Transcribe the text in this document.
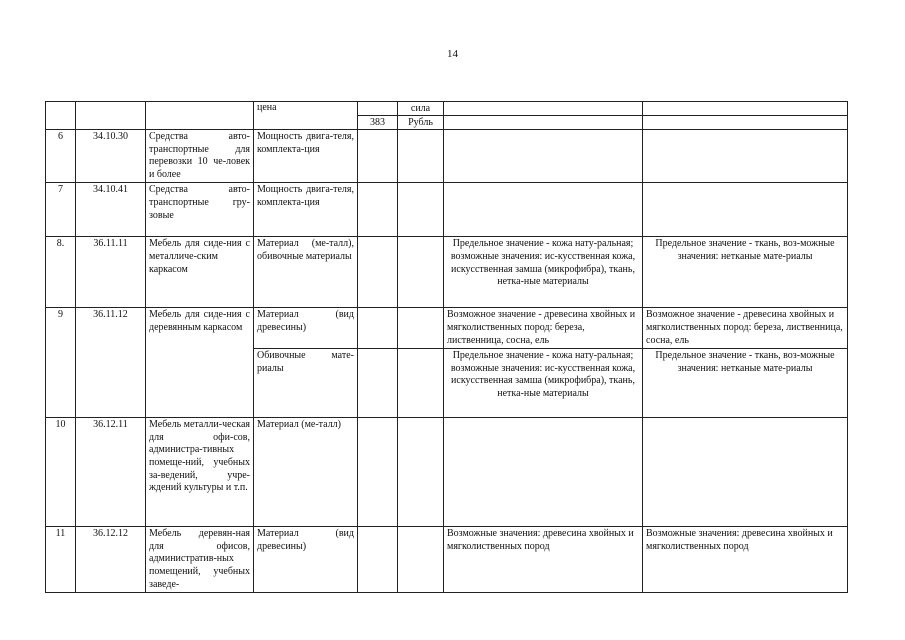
14
			цена		сила		
				383	Рубль		
6	34.10.30	Средства авто-транспортные для перевозки 10 че-ловек и более	Мощность двига-теля, комплекта-ция				
7	34.10.41	Средства авто-транспортные гру-зовые	Мощность двига-теля, комплекта-ция				
8.	36.11.11	Мебель для сиде-ния с металличе-ским каркасом	Материал (ме-талл), обивочные материалы			Предельное значение - кожа нату-ральная; возможные значения: ис-кусственная кожа, искусственная замша (микрофибра), ткань, нетка-ные материалы	Предельное значение - ткань, воз-можные значения: нетканые мате-риалы
9	36.11.12	Мебель для сиде-ния с деревянным каркасом	Материал (вид древесины)			Возможное значение - древесина хвойных и мягколиственных пород: береза, лиственница, сосна, ель	Возможное значение - древесина хвойных и мягколиственных пород: береза, лиственница, сосна, ель
			Обивочные мате-риалы			Предельное значение - кожа нату-ральная; возможные значения: ис-кусственная кожа, искусственная замша (микрофибра), ткань, нетка-ные материалы	Предельное значение - ткань, воз-можные значения: нетканые мате-риалы
10	36.12.11	Мебель металли-ческая для офи-сов, администра-тивных помеще-ний, учебных за-ведений, учре-ждений культуры и т.п.	Материал (ме-талл)				
11	36.12.12	Мебель деревян-ная для офисов, административ-ных помещений, учебных заведе-	Материал (вид древесины)			Возможные значения: древесина хвойных и мягколиственных пород	Возможные значения: древесина хвойных и мягколиственных пород
